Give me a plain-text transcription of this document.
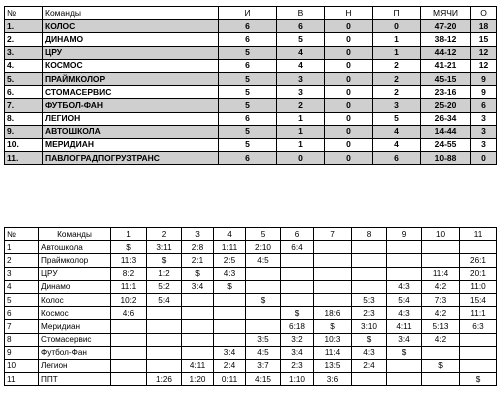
№	Команды	И	В	Н	П	МЯЧИ	О
1.	КОЛОС	6	6	0	0	47-20	18
2.	ДИНАМО	6	5	0	1	38-12	15
3.	ЦРУ	5	4	0	1	44-12	12
4.	КОСМОС	6	4	0	2	41-21	12
5.	ПРАЙМКОЛОР	5	3	0	2	45-15	9
6.	СТОМАСЕРВИС	5	3	0	2	23-16	9
7.	ФУТБОЛ-ФАН	5	2	0	3	25-20	6
8.	ЛЕГИОН	6	1	0	5	26-34	3
9.	АВТОШКОЛА	5	1	0	4	14-44	3
10.	МЕРИДИАН	5	1	0	4	24-55	3
11.	ПАВЛОГРАДПОГРУЗТРАНС	6	0	0	6	10-88	0
№	Команды	1	2	3	4	5	6	7	8	9	10	11
1	Автошкола	$	3:11	2:8	1:11	2:10	6:4					
2	Праймколор	11:3	$	2:1	2:5	4:5						26:1
3	ЦРУ	8:2	1:2	$	4:3						11:4	20:1
4	Динамо	11:1	5:2	3:4	$					4:3	4:2	11:0
5	Колос	10:2	5:4			$			5:3	5:4	7:3	15:4
6	Космос	4:6					$	18:6	2:3	4:3	4:2	11:1
7	Меридиан						6:18	$	3:10	4:11	5:13	6:3
8	Стомасервис					3:5	3:2	10:3	$	3:4	4:2	
9	Футбол-Фан				3:4	4:5	3:4	11:4	4:3	$		
10	Легион			4:11	2:4	3:7	2:3	13:5	2:4		$	
11	ППТ		1:26	1:20	0:11	4:15	1:10	3:6				$
